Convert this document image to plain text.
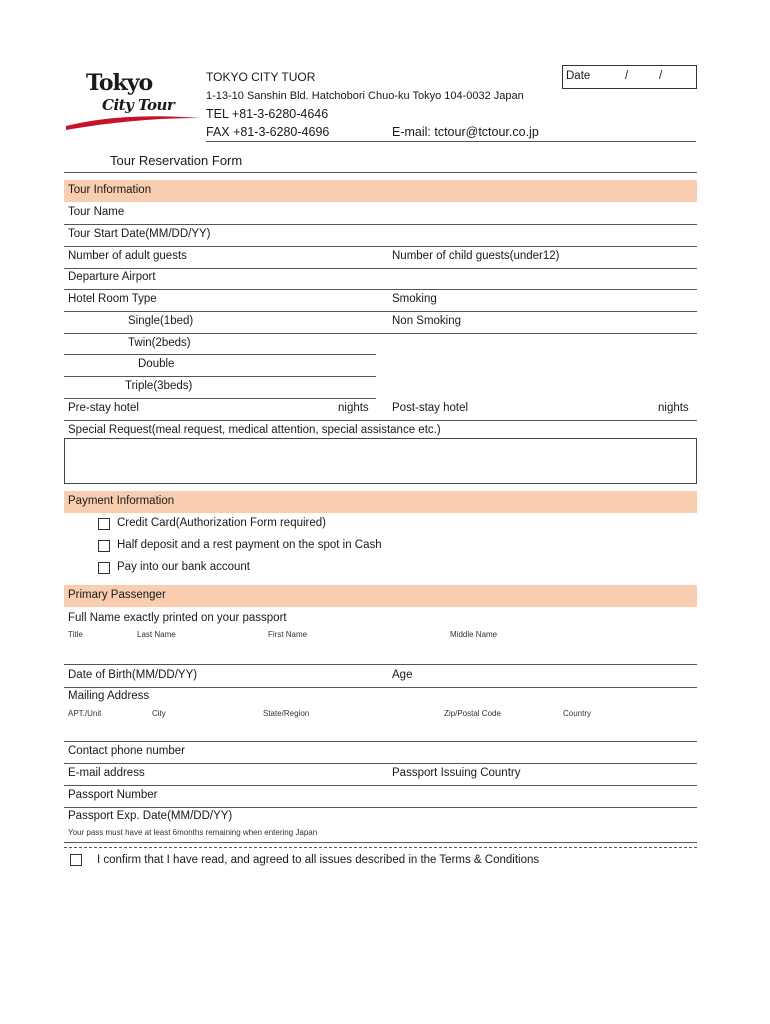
Tokyo
City Tour
TOKYO CITY TUOR
1-13-10 Sanshin Bld. Hatchobori Chuo-ku Tokyo 104-0032 Japan
TEL +81-3-6280-4646
FAX +81-3-6280-4696	E-mail: tctour@tctour.co.jp
Date	/	/
Tour Reservation Form
Tour Information
Tour Name
Tour Start Date(MM/DD/YY)
Number of adult guests	Number of child guests(under12)
Departure Airport
Hotel Room Type	Smoking
Single(1bed)	Non Smoking
Twin(2beds)
Double
Triple(3beds)
Pre-stay hotel	nights Post-stay hotel	nights
Special Request(meal request, medical attention, special assistance etc.)
Payment Information
Credit Card(Authorization Form required)
Half deposit and a rest payment on the spot in Cash
Pay into our bank account
Primary Passenger
Full Name exactly printed on your passport
Title	Last Name	First Name	Middle Name
Date of Birth(MM/DD/YY)	Age
Mailing Address
APT./Unit	City	State/Region	Zip/Postal Code	Country
Contact phone number
E-mail address	Passport Issuing Country
Passport Number
Passport Exp. Date(MM/DD/YY)
Your pass must have at least 6months remaining when entering Japan
I confirm that I have read, and agreed to all issues described in the Terms & Conditions
